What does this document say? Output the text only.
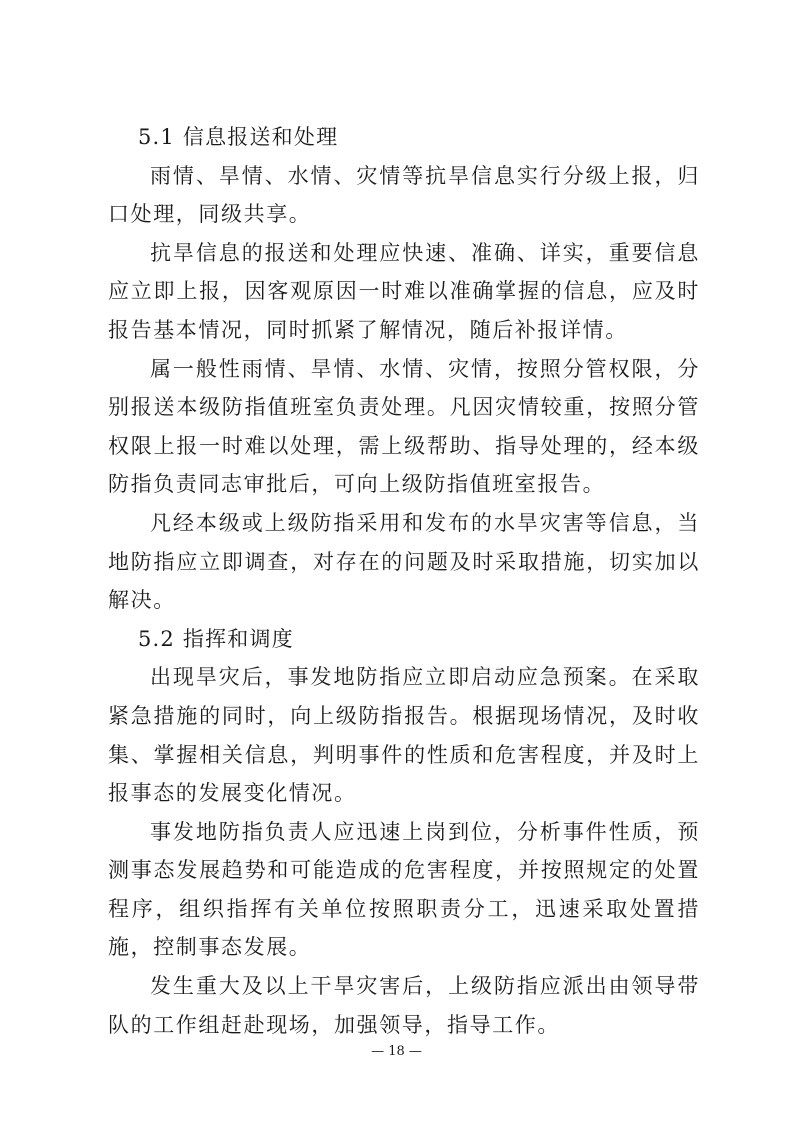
5.1 信息报送和处理

雨情、旱情、水情、灾情等抗旱信息实行分级上报，归口处理，同级共享。

抗旱信息的报送和处理应快速、准确、详实，重要信息应立即上报，因客观原因一时难以准确掌握的信息，应及时报告基本情况，同时抓紧了解情况，随后补报详情。

属一般性雨情、旱情、水情、灾情，按照分管权限，分别报送本级防指值班室负责处理。凡因灾情较重，按照分管权限上报一时难以处理，需上级帮助、指导处理的，经本级防指负责同志审批后，可向上级防指值班室报告。

凡经本级或上级防指采用和发布的水旱灾害等信息，当地防指应立即调查，对存在的问题及时采取措施，切实加以解决。

5.2 指挥和调度

出现旱灾后，事发地防指应立即启动应急预案。在采取紧急措施的同时，向上级防指报告。根据现场情况，及时收集、掌握相关信息，判明事件的性质和危害程度，并及时上报事态的发展变化情况。

事发地防指负责人应迅速上岗到位，分析事件性质，预测事态发展趋势和可能造成的危害程度，并按照规定的处置程序，组织指挥有关单位按照职责分工，迅速采取处置措施，控制事态发展。

发生重大及以上干旱灾害后，上级防指应派出由领导带队的工作组赶赴现场，加强领导，指导工作。

— 18 —
